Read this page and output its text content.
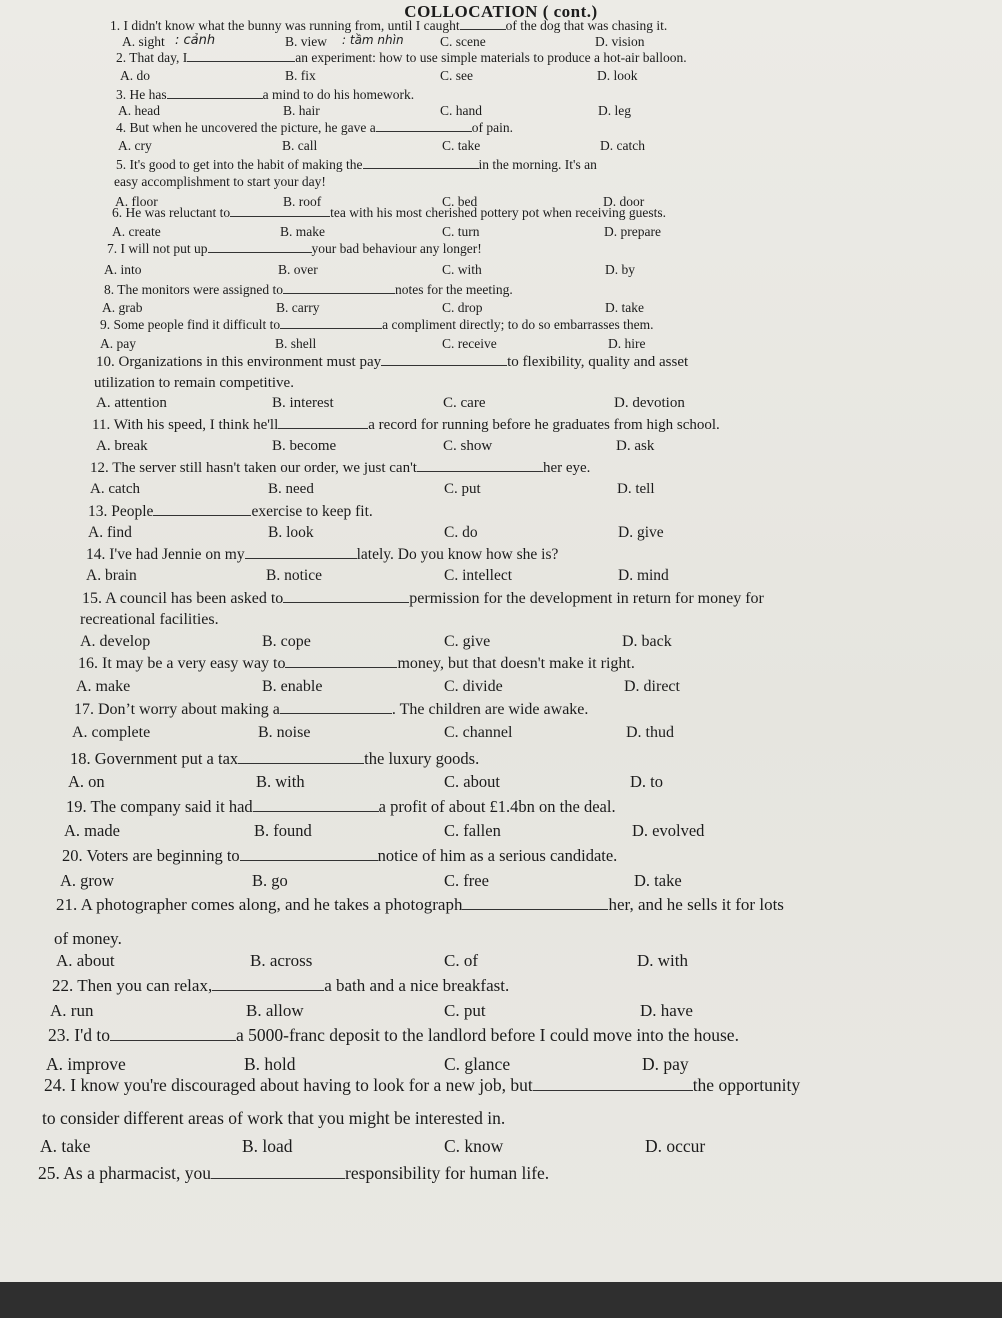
COLLOCATION ( cont.)
1. I didn't know what the bunny was running from, until I caught	of the dog that was chasing it.
A. sight	B. view	C. scene	D. vision
2. That day, I	an experiment: how to use simple materials to produce a hot-air balloon.
A. do	B. fix	C. see	D. look
3. He has	a mind to do his homework.
A. head	B. hair	C. hand	D. leg
4. But when he uncovered the picture, he gave a	of pain.
A. cry	B. call	C. take	D. catch
5. It's good to get into the habit of making the	in the morning. It's an
easy accomplishment to start your day!
A. floor	B. roof	C. bed	D. door
6. He was reluctant to	tea with his most cherished pottery pot when receiving guests.
A. create	B. make	C. turn	D. prepare
7. I will not put up	your bad behaviour any longer!
A. into	B. over	C. with	D. by
8. The monitors were assigned to	notes for the meeting.
A. grab	B. carry	C. drop	D. take
9. Some people find it difficult to	a compliment directly; to do so embarrasses them.
A. pay	B. shell	C. receive	D. hire
10. Organizations in this environment must pay	to flexibility, quality and asset
utilization to remain competitive.
A. attention	B. interest	C. care	D. devotion
11. With his speed, I think he'll	a record for running before he graduates from high school.
A. break	B. become	C. show	D. ask
12. The server still hasn't taken our order, we just can't	her eye.
A. catch	B. need	C. put	D. tell
13. People	exercise to keep fit.
A. find	B. look	C. do	D. give
14. I've had Jennie on my	lately. Do you know how she is?
A. brain	B. notice	C. intellect	D. mind
15. A council has been asked to	permission for the development in return for money for
recreational facilities.
A. develop	B. cope	C. give	D. back
16. It may be a very easy way to	money, but that doesn't make it right.
A. make	B. enable	C. divide	D. direct
17. Don’t worry about making a	. The children are wide awake.
A. complete	B. noise	C. channel	D. thud
18. Government put a tax	the luxury goods.
A. on	B. with	C. about	D. to
19. The company said it had	a profit of about £1.4bn on the deal.
A. made	B. found	C. fallen	D. evolved
20. Voters are beginning to	notice of him as a serious candidate.
A. grow	B. go	C. free	D. take
21. A photographer comes along, and he takes a photograph	her, and he sells it for lots
of money.
A. about	B. across	C. of	D. with
22. Then you can relax,	a bath and a nice breakfast.
A. run	B. allow	C. put	D. have
23. I'd to	a 5000-franc deposit to the landlord before I could move into the house.
A. improve	B. hold	C. glance	D. pay
24. I know you're discouraged about having to look for a new job, but	the opportunity
to consider different areas of work that you might be interested in.
A. take	B. load	C. know	D. occur
25. As a pharmacist, you	responsibility for human life.
: cảnh	: tầm nhìn
